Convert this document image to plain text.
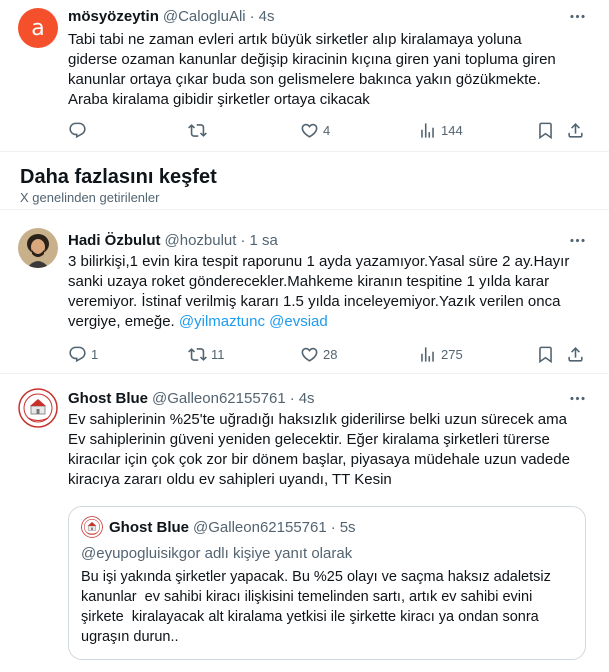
a mösyözeytin @CalogluAli · 4s
Tabi tabi ne zaman evleri artık büyük sirketler alıp kiralamaya yoluna
giderse ozaman kanunlar değişip kiracinin kıçına giren yani topluma giren
kanunlar ortaya çıkar buda son gelismelere bakınca yakın gözükmekte.
Araba kiralama gibidir şirketler ortaya cikacak
4	144
Daha fazlasını keşfet
X genelinden getirilenler
Hadi Özbulut @hozbulut · 1 sa
3 bilirkişi,1 evin kira tespit raporunu 1 ayda yazamıyor.Yasal süre 2 ay.Hayır
sanki uzaya roket gönderecekler.Mahkeme kiranın tespitine 1 yılda karar
veremiyor. İstinaf verilmiş kararı 1.5 yılda inceleyemiyor.Yazık verilen onca
vergiye, emeğe. @yilmaztunc @evsiad
1	11	28	275
Ghost Blue @Galleon62155761 · 4s
Ev sahiplerinin %25'te uğradığı haksızlık giderilirse belki uzun sürecek ama
Ev sahiplerinin güveni yeniden gelecektir. Eğer kiralama şirketleri türerse
kiracılar için çok çok zor bir dönem başlar, piyasaya müdehale uzun vadede
kiracıya zararı oldu ev sahipleri uyandı, TT Kesin
Ghost Blue @Galleon62155761 · 5s
@eyupogluisikgor adlı kişiye yanıt olarak
Bu işi yakında şirketler yapacak. Bu %25 olayı ve saçma haksız adaletsiz
kanunlar  ev sahibi kiracı ilişkisini temelinden sartı, artık ev sahibi evini
şirkete  kiralayacak alt kiralama yetkisi ile şirkette kiracı ya ondan sonra
ugraşın durun..
